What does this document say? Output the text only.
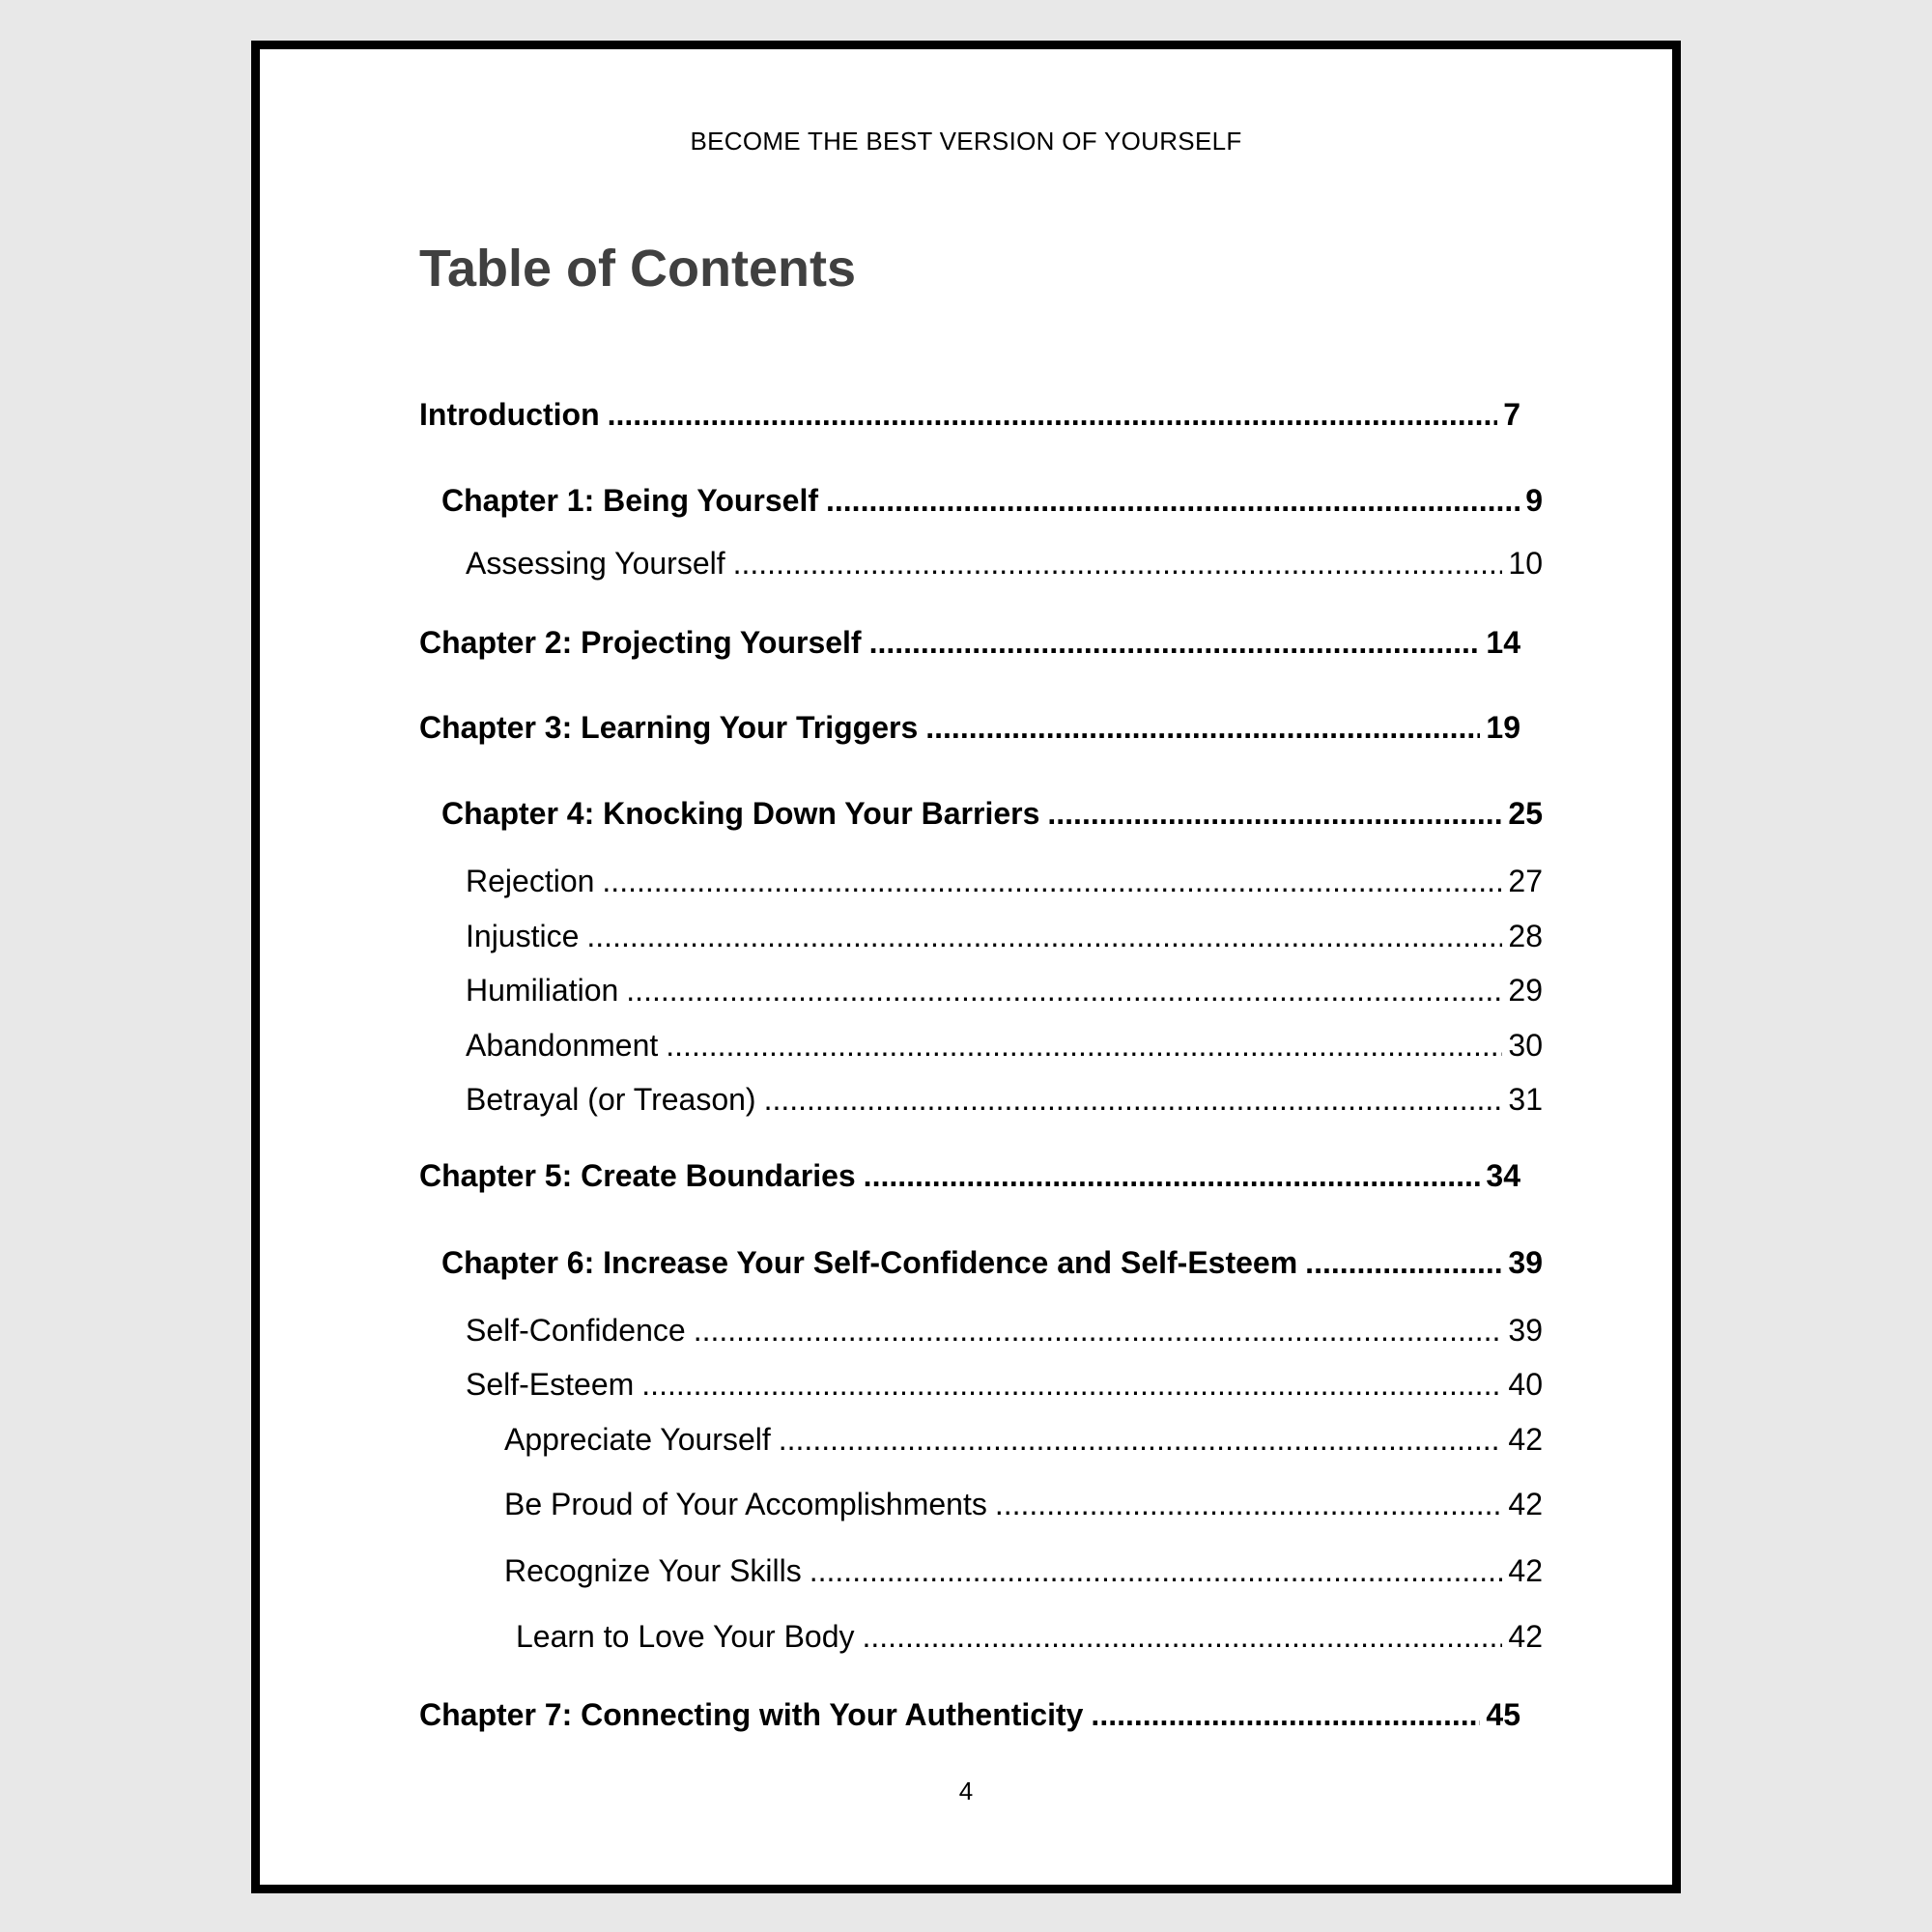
BECOME THE BEST VERSION OF YOURSELF
Table of Contents
Introduction .....	7
Chapter 1: Being Yourself .....	9
Assessing Yourself .....	10
Chapter 2: Projecting Yourself .....	14
Chapter 3: Learning Your Triggers .....	19
Chapter 4: Knocking Down Your Barriers .....	25
Rejection .....	27
Injustice .....	28
Humiliation .....	29
Abandonment .....	30
Betrayal (or Treason) .....	31
Chapter 5: Create Boundaries .....	34
Chapter 6: Increase Your Self-Confidence and Self-Esteem .....	39
Self-Confidence .....	39
Self-Esteem .....	40
Appreciate Yourself .....	42
Be Proud of Your Accomplishments .....	42
Recognize Your Skills .....	42
Learn to Love Your Body .....	42
Chapter 7: Connecting with Your Authenticity .....	45
4
